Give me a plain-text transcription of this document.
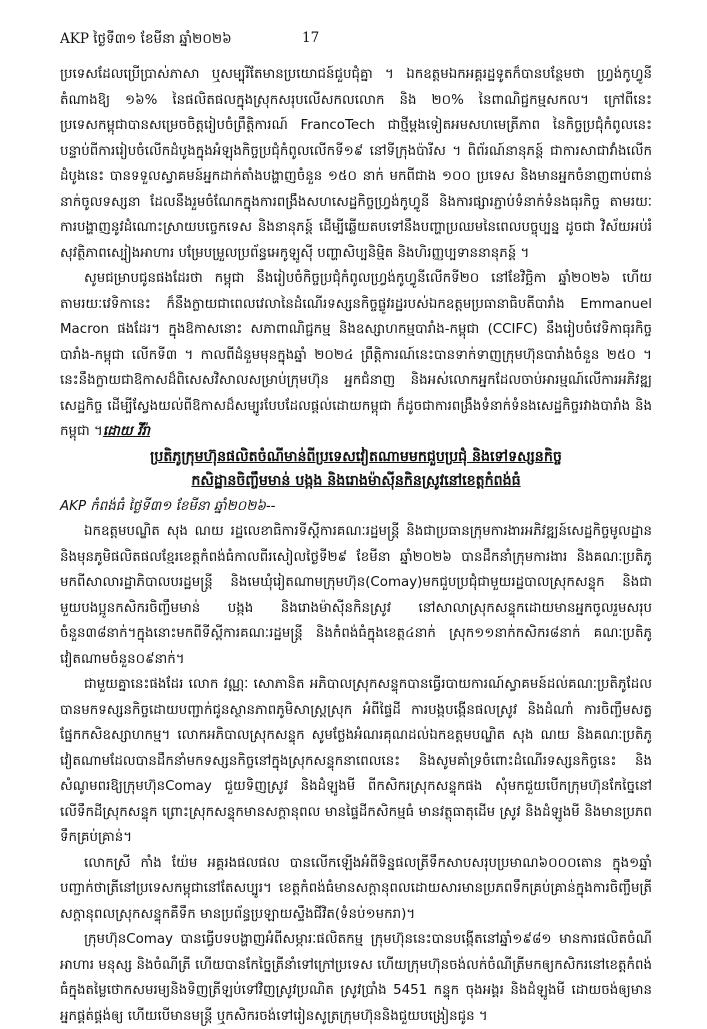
AKP ថ្ងៃទី៣១ ខែមីនា ឆ្នាំ២០២៦	17

ប្រទេសដែលប្រើប្រាស់ភាសា ឬសម្បុរីតែមានប្រយោជន៍ជួបជុំគ្នា ។ ឯកឧត្តមឯកអគ្គរដ្ឋទូតក៏បានបន្ថែមថា ហ្វ្រង់កូហ្វូនី តំណាងឱ្យ ១៦% នៃផលិតផលក្នុងស្រុកសរុបលើសកលលោក និង ២០% នៃពាណិជ្ជកម្មសកល។ ក្រៅពីនេះ ប្រទេសកម្ពុជាបានសម្រេចចិត្តរៀបចំព្រឹត្តិការណ៍ FrancoTech ជាថ្មីម្តងទៀតអមសហមេត្រីភាព នៃកិច្ចប្រជុំកំពូលនេះ បន្ទាប់ពីការរៀបចំលើកដំបូងក្នុងអំឡុងកិច្ចប្រជុំកំពូលលើកទី១៩ នៅទីក្រុងប៉ារីស ។ ពិព័រណ៍នានុភន្ត៍ ជាការសាជាវាំងលើកដំបូងនេះ បានទទួលស្វាគមន៍អ្នកដាក់តាំងបង្ហាញចំនួន ១៥០ នាក់ មកពីជាង ១០០ ប្រទេស និងមានអ្នកចំនាញពាប់ពាន់នាក់ចូលទស្សនា ដែលនឹងរួមចំណែកក្នុងការពង្រឹងសហសេដ្ឋកិច្ចហ្វ្រង់កូហ្វូនី និងការផ្សារភ្ជាប់ទំនាក់ទំនងធុរកិច្ច តាមរយៈការបង្ហាញនូវដំណោះស្រាយបច្ចេកទេស និងនានុភន្ត៍ ដើម្បីឆ្លើយតបទៅនឹងបញ្ហាប្រឈមនៃពេលបច្ចុប្បន្ន ដូចជា វិស័យអប់រំ សុវត្ថិភាពស្បៀងអាហារ បម្រែបម្រួលប្រព័ន្ធអេកូឡូស៊ី បញ្ហាសិប្បនិម្មិត និងហិរញ្ញប្បទាននានុភន្ត៍ ។

សូមជម្រាបជូនផងដែរថា កម្ពុជា នឹងរៀបចំកិច្ចប្រជុំកំពូលហ្វ្រង់កូហ្វូនីលើកទី២០ នៅខែវិច្ឆិកា ឆ្នាំ២០២៦ ហើយតាមរយៈវេទិកានេះ ក៏នឹងក្លាយជាពេលវេលានៃដំណើរទស្សនកិច្ចផ្លូវរដ្ឋរបស់ឯកឧត្តមប្រធានាធិបតីបារាំង Emmanuel Macron ផងដែរ។ ក្នុងឱកាសនោះ សភាពាណិជ្ជកម្ម និងឧស្សាហកម្មបារាំង-កម្ពុជា (CCIFC) នឹងរៀបចំវេទិកាធុរកិច្ចបារាំង-កម្ពុជា លើកទី៣ ។ កាលពីដំនួមមុនក្នុងឆ្នាំ ២០២៤ ព្រឹត្តិការណ៍នេះបានទាក់ទាញក្រុមហ៊ុនបារាំងចំនួន ២៥០ ។ នេះនឹងក្លាយជាឱកាសដ៏ពិសេសវិសាលសម្រាប់ក្រុមហ៊ុន អ្នកជំនាញ និងអស់លោកអ្នកដែលចាប់អារម្មណ៍លើការអភិវឌ្ឍសេដ្ឋកិច្ច ដើម្បីស្វែងយល់ពីឱកាសដ៏សម្បូរបែបដែលផ្តល់ដោយកម្ពុជា ក៏ដូចជាការពង្រឹងទំនាក់ទំនងសេដ្ឋកិច្ចរវាងបារាំង និងកម្ពុជា ។ដោយ វីរ៉ា

ប្រតិភូក្រុមហ៊ុនផលិតចំណីមាន់ពីប្រទេសវៀតណាមមកជួបប្រជុំ និងទៅទស្សនកិច្ច
កសិដ្ឋានចិញ្ចឹមមាន់ បង្កង និងរោងម៉ាស៊ីនកិនស្រូវនៅខេត្តកំពង់ធំ

AKP កំពង់ធំ ថ្ងៃទី៣១ ខែមីនា ឆ្នាំ២០២៦--

ឯកឧត្តមបណ្ឌិត សុង ណយ រដ្ឋលេខាធិការទីស្តីការគណៈរដ្ឋមន្ត្រី និងជាប្រធានក្រុមការងារអភិវឌ្ឍន៍សេដ្ឋកិច្ចមូលដ្ឋាននិងមុនភូមិផលិតផលខ្មែរខេត្តកំពង់ធំកាលពីរសៀលថ្ងៃទី២៩ ខែមីនា ឆ្នាំ២០២៦ បានដឹកនាំក្រុមការងារ និងគណៈប្រតិភូមកពីសាលារដ្ឋាភិបាលបរដ្ឋមន្ត្រី និងមេឃុំរៀតណាមក្រុមហ៊ុន(Comay)មកជួបប្រជុំជាមួយរដ្ឋបាលស្រុកសន្ទុក និងជាមួយបងប្អូនកសិករចិញ្ចឹមមាន់ បង្កង និងរោងម៉ាស៊ីនកិនស្រូវ នៅសាលាស្រុកសន្ទុកដោយមានអ្នកចូលរួមសរុបចំនួន៣៨នាក់។ក្នុងនោះមកពីទីស្តីការគណៈរដ្ឋមន្ត្រី និងកំពង់ធំក្នុងខេត្ត៤នាក់ ស្រុក១១នាក់កសិករ៨នាក់ គណៈប្រតិភូវៀតណាមចំនួន០៩នាក់។

ជាមួយគ្នានេះផងដែរ លោក វណ្ណៈ សោភានិត អភិបាលស្រុកសន្ទុកបានធ្វើរបាយការណ៍ស្វាគមន៍ដល់គណៈប្រតិភូដែលបានមកទស្សនកិច្ចដោយបញ្ជាក់ជូនស្ថានភាពភូមិសាស្ត្រស្រុក អំពីផ្ទៃដី ការបង្កបង្កើនផលស្រូវ និងដំណាំ ការចិញ្ចឹមសត្វ ផ្នែកកសិឧស្សាហកម្ម។ លោកអភិបាលស្រុកសន្ទុក សូមថ្លែងអំណរគុណដល់ឯកឧត្តមបណ្ឌិត សុង ណយ និងគណៈប្រតិភូវៀតណាមដែលបានដឹកនាំមកទស្សនកិច្ចនៅក្នុងស្រុកសន្ទុកនាពេលនេះ និងសូមគាំទ្រចំពោះដំណើរទស្សនកិច្ចនេះ និងសំណូមពរឱ្យក្រុមហ៊ុនComay ជួយទិញស្រូវ និងដំឡូងមី ពីកសិករស្រុកសន្ទុកផង សុំមកជួយបើកក្រុមហ៊ុនកែច្នៃនៅលើទឹកដីស្រុកសន្ទុក ព្រោះស្រុកសន្ទុកមានសក្តានុពល មានផ្ទៃដីកសិកម្មធំ មានវត្ថុធាតុដើម ស្រូវ និងដំឡូងមី និងមានប្រភពទឹកគ្រប់គ្រាន់។

លោកស្រី កាំង យ៉ែម អគ្គរងផលផល បានលើកឡើងអំពីទិន្នផលត្រីទឹកសាបសរុបប្រមាណ៦០០០តោន ក្នុង១ឆ្នាំ បញ្ជាក់ថាត្រីនៅប្រទេសកម្ពុជានៅតែសប្បូរ។ ខេត្តកំពង់ធំមានសក្តានុពលដោយសារមានប្រភពទឹកគ្រប់គ្រាន់ក្នុងការចិញ្ចឹមត្រីសក្តានុពលស្រុកសន្ទុកគឺទឹក មានប្រព័ន្ធប្រឡាយស្ទឹងជីវិត(ទំនប់១មករា)។

ក្រុមហ៊ុនComay បានធ្វើបទបង្ហាញអំពីសម្ភារៈផលិតកម្ម ក្រុមហ៊ុននេះបានបង្កើតនៅឆ្នាំ១៩៨១ មានការផលិតចំណីអាហារ មនុស្ស និងចំណីត្រី ហើយបានកែច្នៃត្រីនាំទៅក្រៅប្រទេស ហើយក្រុមហ៊ុនចង់លក់ចំណីត្រីមកឲ្យកសិករនៅខេត្តកំពង់ធំក្នុងតម្លៃថោកសមរម្យនិងទិញត្រីឡប់ទៅវិញស្រូវប្រណិត ស្រូវប្រាំង 5451 កន្ទុក ចុងអង្គរ និងដំឡូងមី ដោយចង់ឲ្យមានអ្នកផ្គត់ផ្គង់ឲ្យ ហើយបើមានមន្ត្រី ឬកសិករចង់ទៅរៀនសូត្រក្រុមហ៊ុននិងជួយបង្រៀនជូន ។
